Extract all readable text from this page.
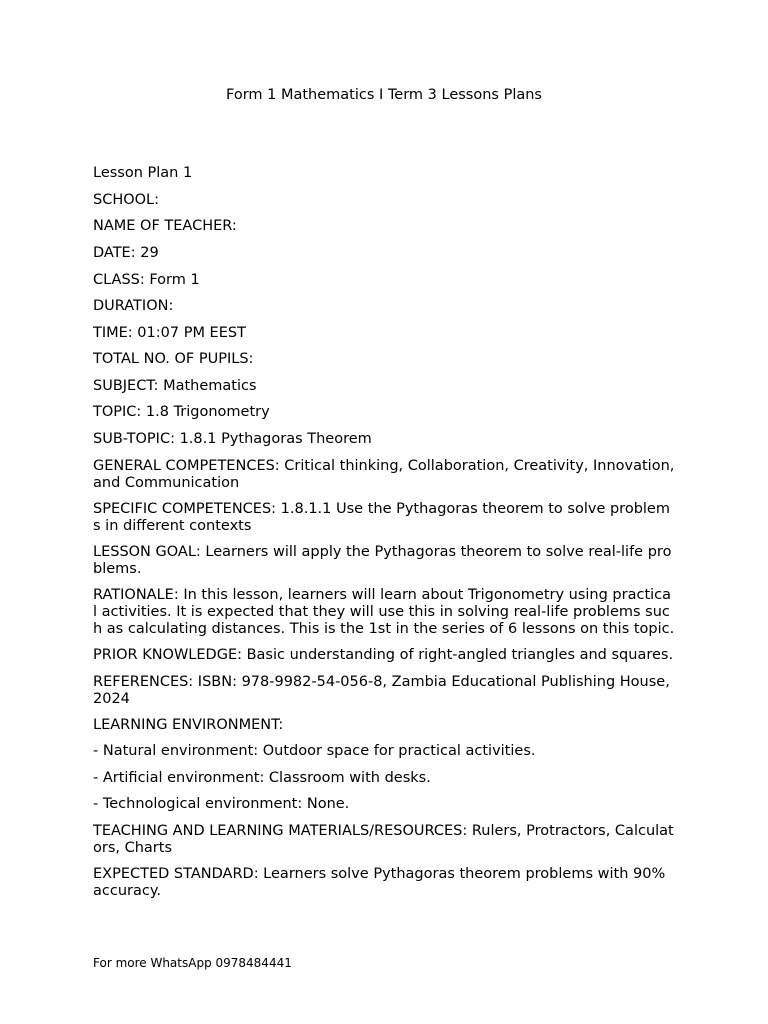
Form 1 Mathematics I Term 3 Lessons Plans

Lesson Plan 1

SCHOOL:

NAME OF TEACHER:

DATE: 29

CLASS: Form 1

DURATION:

TIME: 01:07 PM EEST

TOTAL NO. OF PUPILS:

SUBJECT: Mathematics

TOPIC: 1.8 Trigonometry

SUB-TOPIC: 1.8.1 Pythagoras Theorem

GENERAL COMPETENCES: Critical thinking, Collaboration, Creativity, Innovation, and Communication

SPECIFIC COMPETENCES: 1.8.1.1 Use the Pythagoras theorem to solve problems in different contexts

LESSON GOAL: Learners will apply the Pythagoras theorem to solve real-life problems.

RATIONALE: In this lesson, learners will learn about Trigonometry using practical activities. It is expected that they will use this in solving real-life problems such as calculating distances. This is the 1st in the series of 6 lessons on this topic.

PRIOR KNOWLEDGE: Basic understanding of right-angled triangles and squares.

REFERENCES: ISBN: 978-9982-54-056-8, Zambia Educational Publishing House, 2024

LEARNING ENVIRONMENT:

- Natural environment: Outdoor space for practical activities.

- Artificial environment: Classroom with desks.

- Technological environment: None.

TEACHING AND LEARNING MATERIALS/RESOURCES: Rulers, Protractors, Calculators, Charts

EXPECTED STANDARD: Learners solve Pythagoras theorem problems with 90% accuracy.

For more WhatsApp 0978484441
